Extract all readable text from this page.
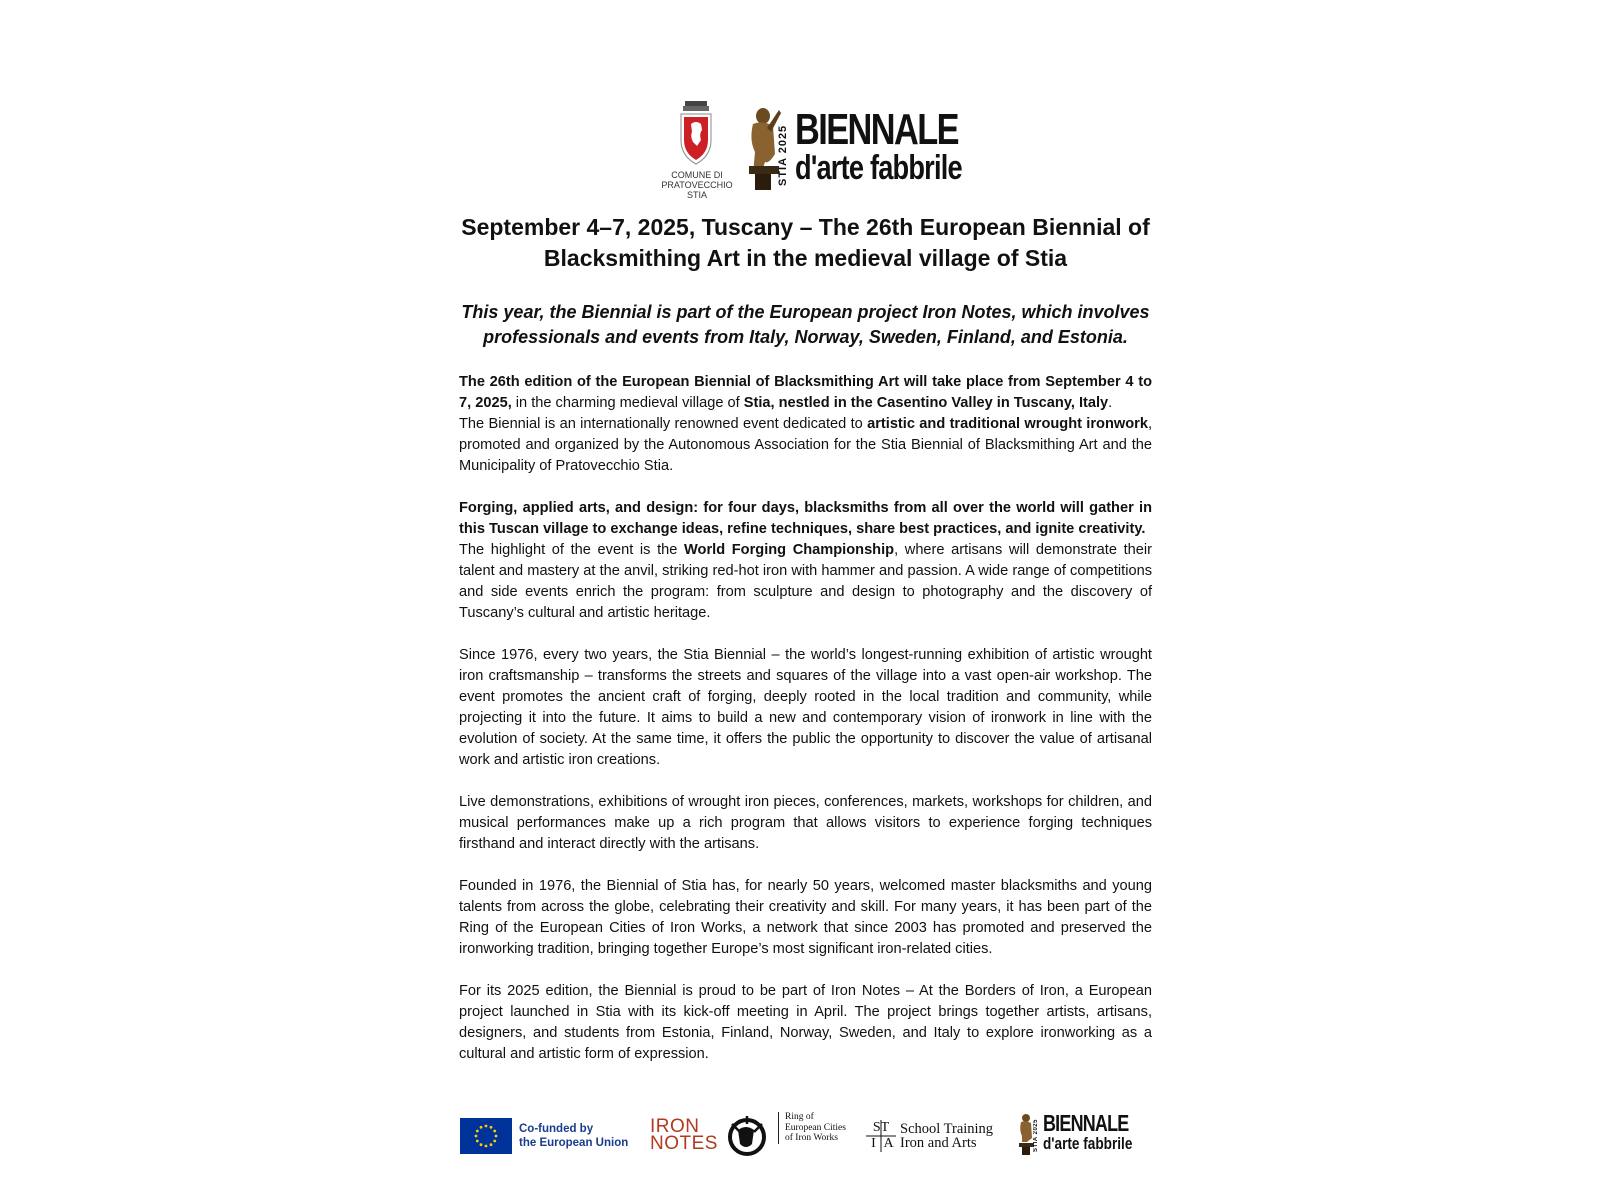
COMUNE DI
PRATOVECCHIO STIA
STIA 2025 BIENNALE
d'arte fabbrile
September 4–7, 2025, Tuscany – The 26th European Biennial of
Blacksmithing Art in the medieval village of Stia
This year, the Biennial is part of the European project Iron Notes, which involves
professionals and events from Italy, Norway, Sweden, Finland, and Estonia.

The 26th edition of the European Biennial of Blacksmithing Art will take place from September 4 to 7, 2025, in the charming medieval village of Stia, nestled in the Casentino Valley in Tuscany, Italy.

The Biennial is an internationally renowned event dedicated to artistic and traditional wrought ironwork, promoted and organized by the Autonomous Association for the Stia Biennial of Blacksmithing Art and the Municipality of Pratovecchio Stia.

Forging, applied arts, and design: for four days, blacksmiths from all over the world will gather in this Tuscan village to exchange ideas, refine techniques, share best practices, and ignite creativity.

The highlight of the event is the World Forging Championship, where artisans will demonstrate their talent and mastery at the anvil, striking red-hot iron with hammer and passion. A wide range of competitions and side events enrich the program: from sculpture and design to photography and the discovery of Tuscany’s cultural and artistic heritage.

Since 1976, every two years, the Stia Biennial – the world’s longest-running exhibition of artistic wrought iron craftsmanship – transforms the streets and squares of the village into a vast open-air workshop. The event promotes the ancient craft of forging, deeply rooted in the local tradition and community, while projecting it into the future. It aims to build a new and contemporary vision of ironwork in line with the evolution of society. At the same time, it offers the public the opportunity to discover the value of artisanal work and artistic iron creations.

Live demonstrations, exhibitions of wrought iron pieces, conferences, markets, workshops for children, and musical performances make up a rich program that allows visitors to experience forging techniques firsthand and interact directly with the artisans.

Founded in 1976, the Biennial of Stia has, for nearly 50 years, welcomed master blacksmiths and young talents from across the globe, celebrating their creativity and skill. For many years, it has been part of the Ring of the European Cities of Iron Works, a network that since 2003 has promoted and preserved the ironworking tradition, bringing together Europe’s most significant iron-related cities.

For its 2025 edition, the Biennial is proud to be part of Iron Notes – At the Borders of Iron, a European project launched in Stia with its kick-off meeting in April. The project brings together artists, artisans, designers, and students from Estonia, Finland, Norway, Sweden, and Italy to explore ironworking as a cultural and artistic form of expression.

Co-funded by
the European Union
IRON
NOTES
Ring of
European Cities
of Iron Works
ST
I A
School Training
Iron and Arts	STIA 2025 BIENNALE
d'arte fabbrile
